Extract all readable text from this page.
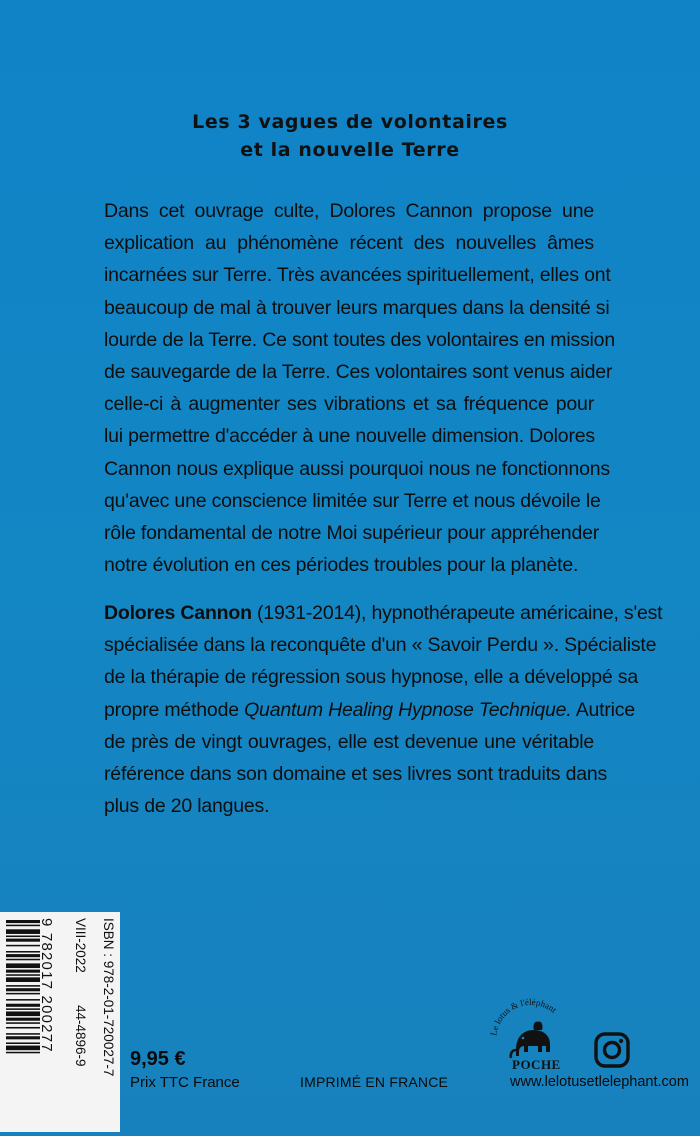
Les 3 vagues de volontaires
et la nouvelle Terre
Dans cet ouvrage culte, Dolores Cannon propose une
explication au phénomène récent des nouvelles âmes
incarnées sur Terre. Très avancées spirituellement, elles ont
beaucoup de mal à trouver leurs marques dans la densité si
lourde de la Terre. Ce sont toutes des volontaires en mission
de sauvegarde de la Terre. Ces volontaires sont venus aider
celle-ci à augmenter ses vibrations et sa fréquence pour
lui permettre d'accéder à une nouvelle dimension. Dolores
Cannon nous explique aussi pourquoi nous ne fonctionnons
qu'avec une conscience limitée sur Terre et nous dévoile le
rôle fondamental de notre Moi supérieur pour appréhender
notre évolution en ces périodes troubles pour la planète.
Dolores Cannon (1931-2014), hypnothérapeute américaine, s'est
spécialisée dans la reconquête d'un « Savoir Perdu ». Spécialiste
de la thérapie de régression sous hypnose, elle a développé sa
propre méthode Quantum Healing Hypnose Technique. Autrice
de près de vingt ouvrages, elle est devenue une véritable
référence dans son domaine et ses livres sont traduits dans
plus de 20 langues.
9 782017 200277 VIII-2022
44-4896-9 ISBN : 978-2-01-720027-7 9,95 €
Prix TTC France	IMPRIMÉ EN FRANCE
Le lotus & l'éléphant
POCHE
www.lelotusetlelephant.com
